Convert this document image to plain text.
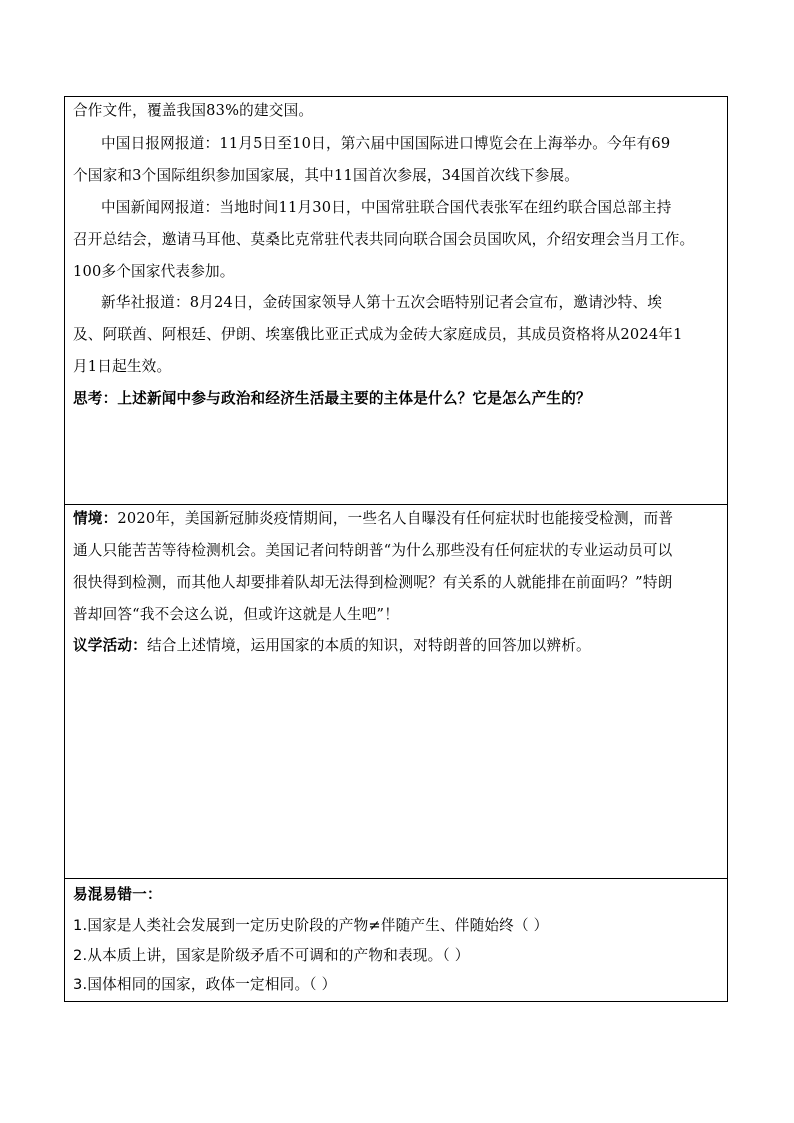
合作文件，覆盖我国83%的建交国。
中国日报网报道：11月5日至10日，第六届中国国际进口博览会在上海举办。今年有69
个国家和3个国际组织参加国家展，其中11国首次参展，34国首次线下参展。
中国新闻网报道：当地时间11月30日，中国常驻联合国代表张军在纽约联合国总部主持
召开总结会，邀请马耳他、莫桑比克常驻代表共同向联合国会员国吹风，介绍安理会当月工作。
100多个国家代表参加。
新华社报道：8月24日，金砖国家领导人第十五次会晤特别记者会宣布，邀请沙特、埃
及、阿联酋、阿根廷、伊朗、埃塞俄比亚正式成为金砖大家庭成员，其成员资格将从2024年1
月1日起生效。
思考：上述新闻中参与政治和经济生活最主要的主体是什么？它是怎么产生的？
情境：2020年，美国新冠肺炎疫情期间，一些名人自曝没有任何症状时也能接受检测，而普
通人只能苦苦等待检测机会。美国记者问特朗普“为什么那些没有任何症状的专业运动员可以
很快得到检测，而其他人却要排着队却无法得到检测呢？有关系的人就能排在前面吗？”特朗
普却回答“我不会这么说，但或许这就是人生吧”！
议学活动：结合上述情境，运用国家的本质的知识，对特朗普的回答加以辨析。
易混易错一：
1.国家是人类社会发展到一定历史阶段的产物≠伴随产生、伴随始终（ ）
2.从本质上讲，国家是阶级矛盾不可调和的产物和表现。（ ）
3.国体相同的国家，政体一定相同。（ ）
